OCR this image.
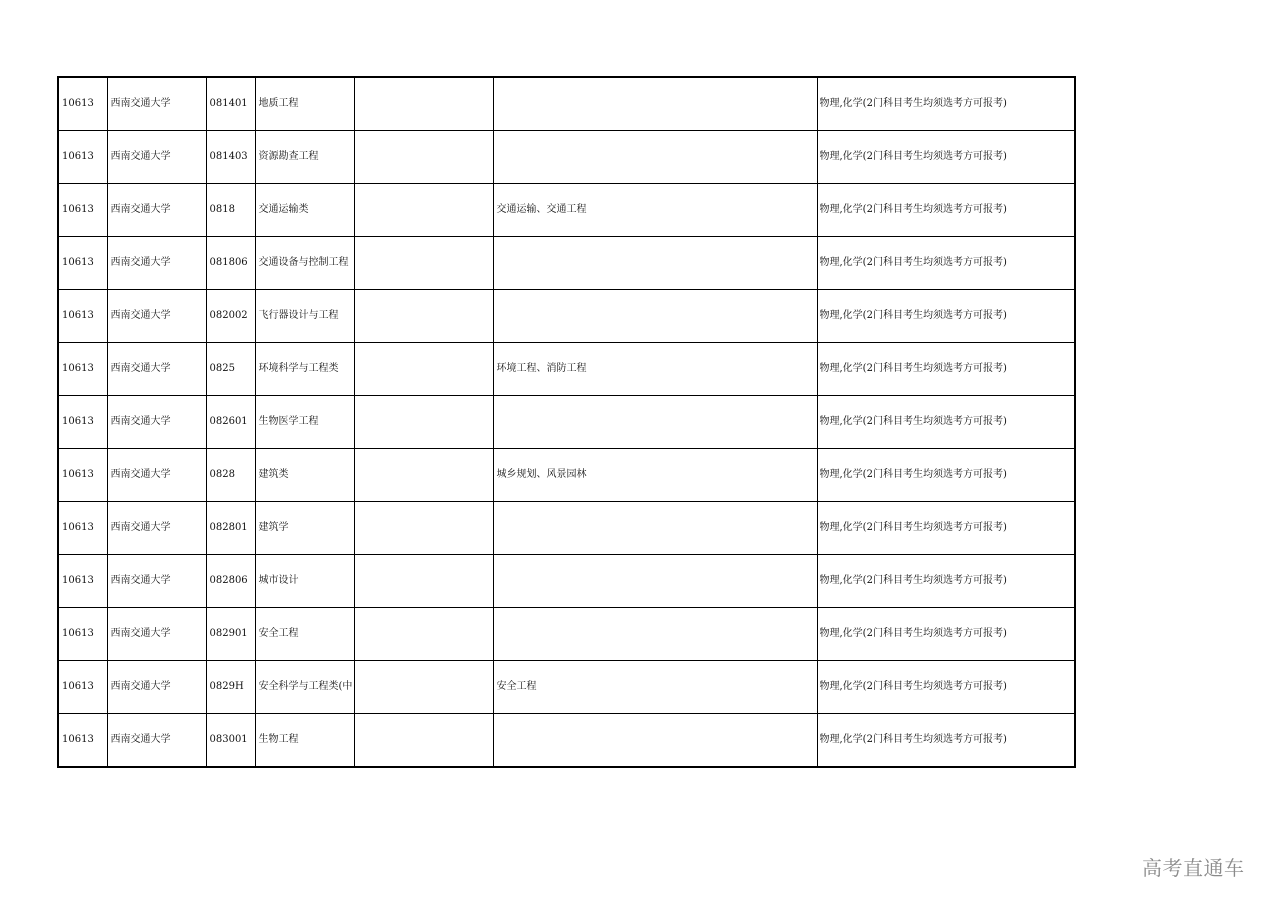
10613	西南交通大学	081401	地质工程			物理,化学(2门科目考生均须选考方可报考)
10613	西南交通大学	081403	资源勘查工程			物理,化学(2门科目考生均须选考方可报考)
10613	西南交通大学	0818	交通运输类		交通运输、交通工程	物理,化学(2门科目考生均须选考方可报考)
10613	西南交通大学	081806	交通设备与控制工程			物理,化学(2门科目考生均须选考方可报考)
10613	西南交通大学	082002	飞行器设计与工程			物理,化学(2门科目考生均须选考方可报考)
10613	西南交通大学	0825	环境科学与工程类		环境工程、消防工程	物理,化学(2门科目考生均须选考方可报考)
10613	西南交通大学	082601	生物医学工程			物理,化学(2门科目考生均须选考方可报考)
10613	西南交通大学	0828	建筑类		城乡规划、风景园林	物理,化学(2门科目考生均须选考方可报考)
10613	西南交通大学	082801	建筑学			物理,化学(2门科目考生均须选考方可报考)
10613	西南交通大学	082806	城市设计			物理,化学(2门科目考生均须选考方可报考)
10613	西南交通大学	082901	安全工程			物理,化学(2门科目考生均须选考方可报考)
10613	西南交通大学	0829H	安全科学与工程类(中		安全工程	物理,化学(2门科目考生均须选考方可报考)
10613	西南交通大学	083001	生物工程			物理,化学(2门科目考生均须选考方可报考)
高考直通车
